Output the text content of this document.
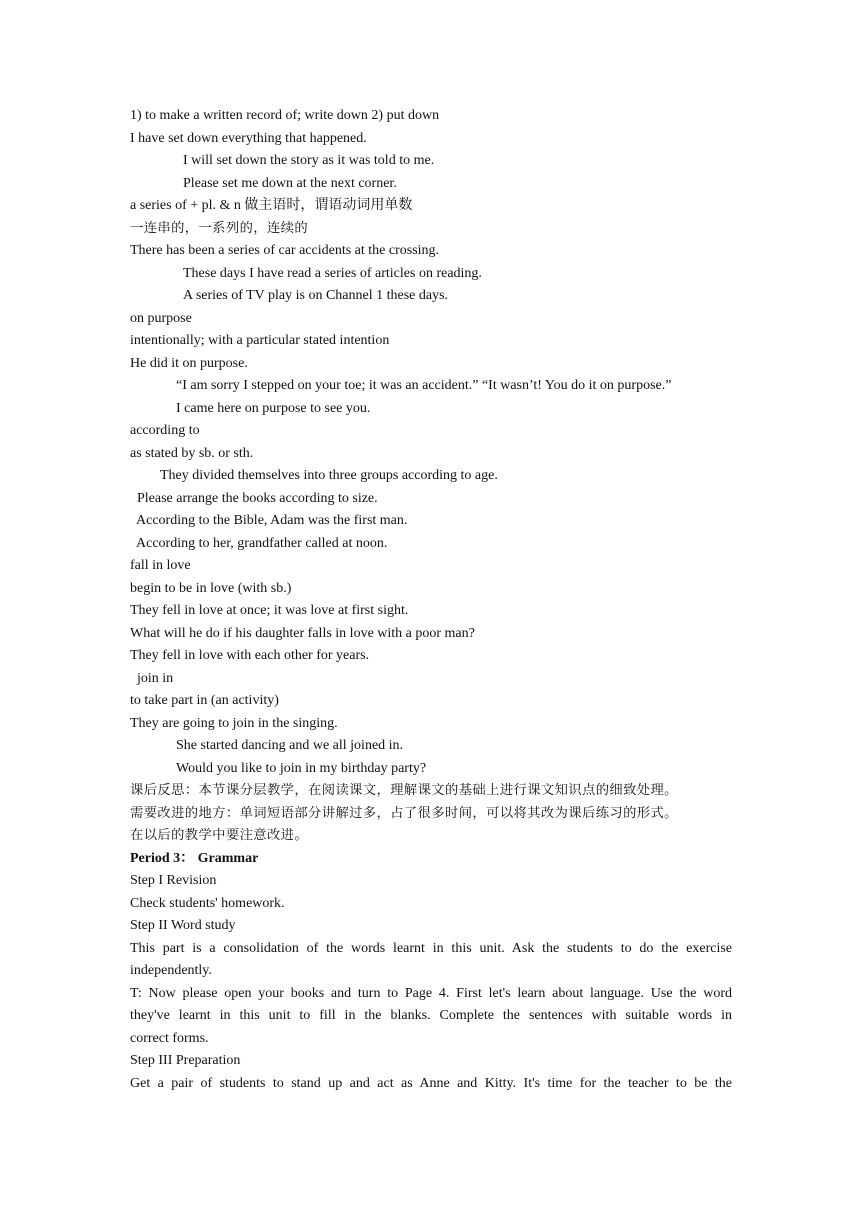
1) to make a written record of; write down 2) put down
I have set down everything that happened.
I will set down the story as it was told to me.
Please set me down at the next corner.
a series of + pl. & n 做主语时，谓语动词用单数
一连串的，一系列的，连续的
There has been a series of car accidents at the crossing.
These days I have read a series of articles on reading.
A series of TV play is on Channel 1 these days.
on purpose
intentionally; with a particular stated intention
He did it on purpose.
“I am sorry I stepped on your toe; it was an accident.” “It wasn’t! You do it on purpose.”
I came here on purpose to see you.
according to
as stated by sb. or sth.
They divided themselves into three groups according to age.
Please arrange the books according to size.
According to the Bible, Adam was the first man.
According to her, grandfather called at noon.
fall in love
begin to be in love (with sb.)
They fell in love at once; it was love at first sight.
What will he do if his daughter falls in love with a poor man?
They fell in love with each other for years.
join in
to take part in (an activity)
They are going to join in the singing.
She started dancing and we all joined in.
Would you like to join in my birthday party?
课后反思：本节课分层教学，在阅读课文，理解课文的基础上进行课文知识点的细致处理。
需要改进的地方：单词短语部分讲解过多，占了很多时间，可以将其改为课后练习的形式。
在以后的教学中要注意改进。
Period 3： Grammar
Step I Revision
Check students' homework.
Step II Word study
This part is a consolidation of the words learnt in this unit. Ask the students to do the exercise
independently.
T: Now please open your books and turn to Page 4. First let's learn about language. Use the word
they've learnt in this unit to fill in the blanks. Complete the sentences with suitable words in
correct forms.
Step III Preparation
Get a pair of students to stand up and act as Anne and Kitty. It's time for the teacher to be the
